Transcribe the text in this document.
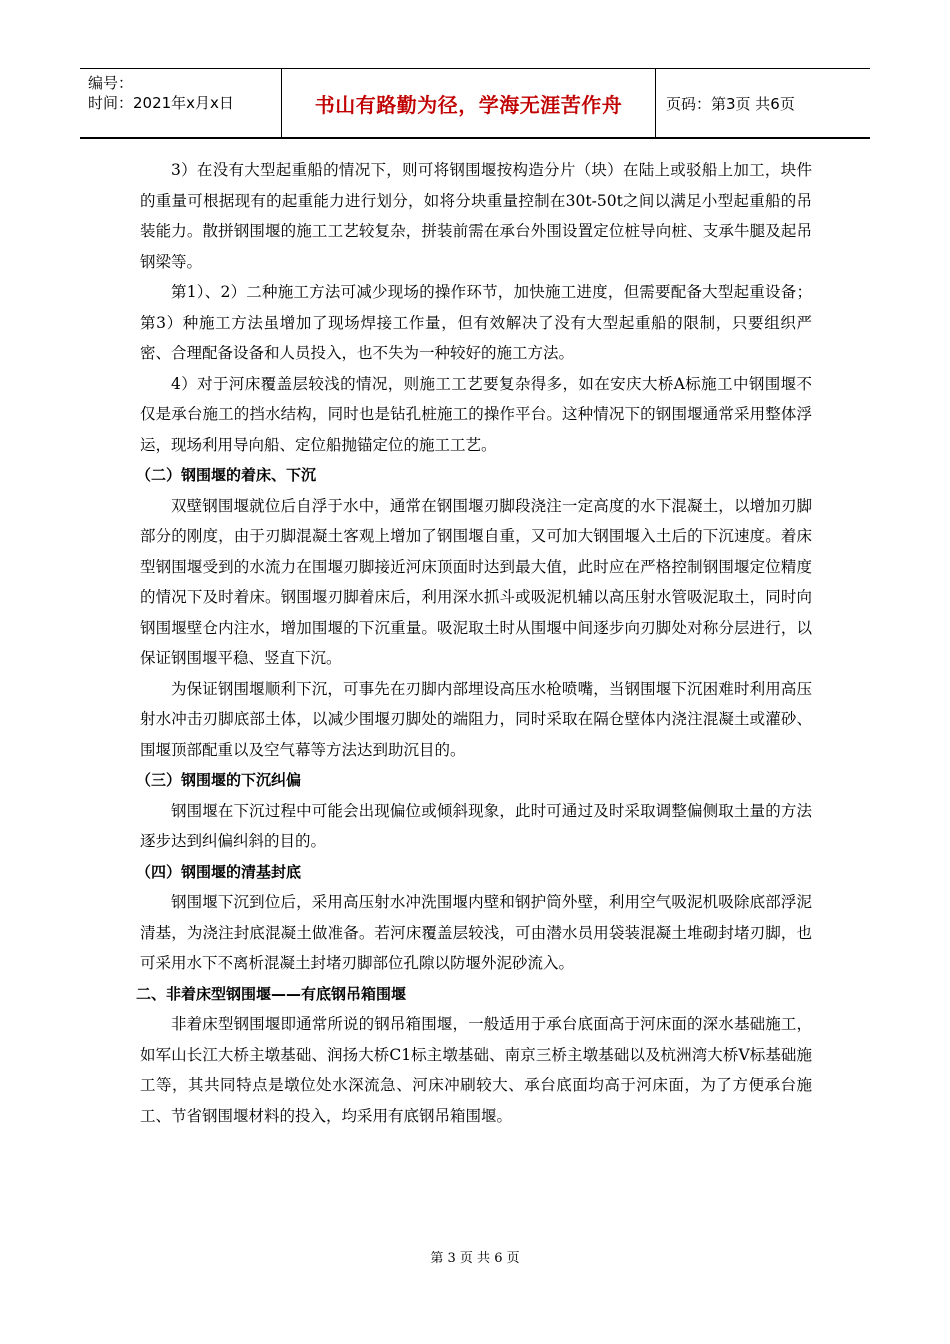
编号：
时间：2021年x月x日	书山有路勤为径，学海无涯苦作舟	页码：第3页 共6页

3）在没有大型起重船的情况下，则可将钢围堰按构造分片（块）在陆上或驳船上加工，块件的重量可根据现有的起重能力进行划分，如将分块重量控制在30t-50t之间以满足小型起重船的吊装能力。散拼钢围堰的施工工艺较复杂，拼装前需在承台外围设置定位桩导向桩、支承牛腿及起吊钢梁等。

第1）、2）二种施工方法可减少现场的操作环节，加快施工进度，但需要配备大型起重设备；第3）种施工方法虽增加了现场焊接工作量，但有效解决了没有大型起重船的限制，只要组织严密、合理配备设备和人员投入，也不失为一种较好的施工方法。

4）对于河床覆盖层较浅的情况，则施工工艺要复杂得多，如在安庆大桥A标施工中钢围堰不仅是承台施工的挡水结构，同时也是钻孔桩施工的操作平台。这种情况下的钢围堰通常采用整体浮运，现场利用导向船、定位船抛锚定位的施工工艺。

（二）钢围堰的着床、下沉

双壁钢围堰就位后自浮于水中，通常在钢围堰刃脚段浇注一定高度的水下混凝土，以增加刃脚部分的刚度，由于刃脚混凝土客观上增加了钢围堰自重，又可加大钢围堰入土后的下沉速度。着床型钢围堰受到的水流力在围堰刃脚接近河床顶面时达到最大值，此时应在严格控制钢围堰定位精度的情况下及时着床。钢围堰刃脚着床后，利用深水抓斗或吸泥机辅以高压射水管吸泥取土，同时向钢围堰壁仓内注水，增加围堰的下沉重量。吸泥取土时从围堰中间逐步向刃脚处对称分层进行，以保证钢围堰平稳、竖直下沉。

为保证钢围堰顺利下沉，可事先在刃脚内部埋设高压水枪喷嘴，当钢围堰下沉困难时利用高压射水冲击刃脚底部土体，以减少围堰刃脚处的端阻力，同时采取在隔仓壁体内浇注混凝土或灌砂、围堰顶部配重以及空气幕等方法达到助沉目的。

（三）钢围堰的下沉纠偏

钢围堰在下沉过程中可能会出现偏位或倾斜现象，此时可通过及时采取调整偏侧取土量的方法逐步达到纠偏纠斜的目的。

（四）钢围堰的清基封底

钢围堰下沉到位后，采用高压射水冲洗围堰内壁和钢护筒外壁，利用空气吸泥机吸除底部浮泥清基，为浇注封底混凝土做准备。若河床覆盖层较浅，可由潜水员用袋装混凝土堆砌封堵刃脚，也可采用水下不离析混凝土封堵刃脚部位孔隙以防堰外泥砂流入。

二、非着床型钢围堰——有底钢吊箱围堰

非着床型钢围堰即通常所说的钢吊箱围堰，一般适用于承台底面高于河床面的深水基础施工，如军山长江大桥主墩基础、润扬大桥C1标主墩基础、南京三桥主墩基础以及杭洲湾大桥Ⅴ标基础施工等，其共同特点是墩位处水深流急、河床冲刷较大、承台底面均高于河床面，为了方便承台施工、节省钢围堰材料的投入，均采用有底钢吊箱围堰。

第 3 页 共 6 页
